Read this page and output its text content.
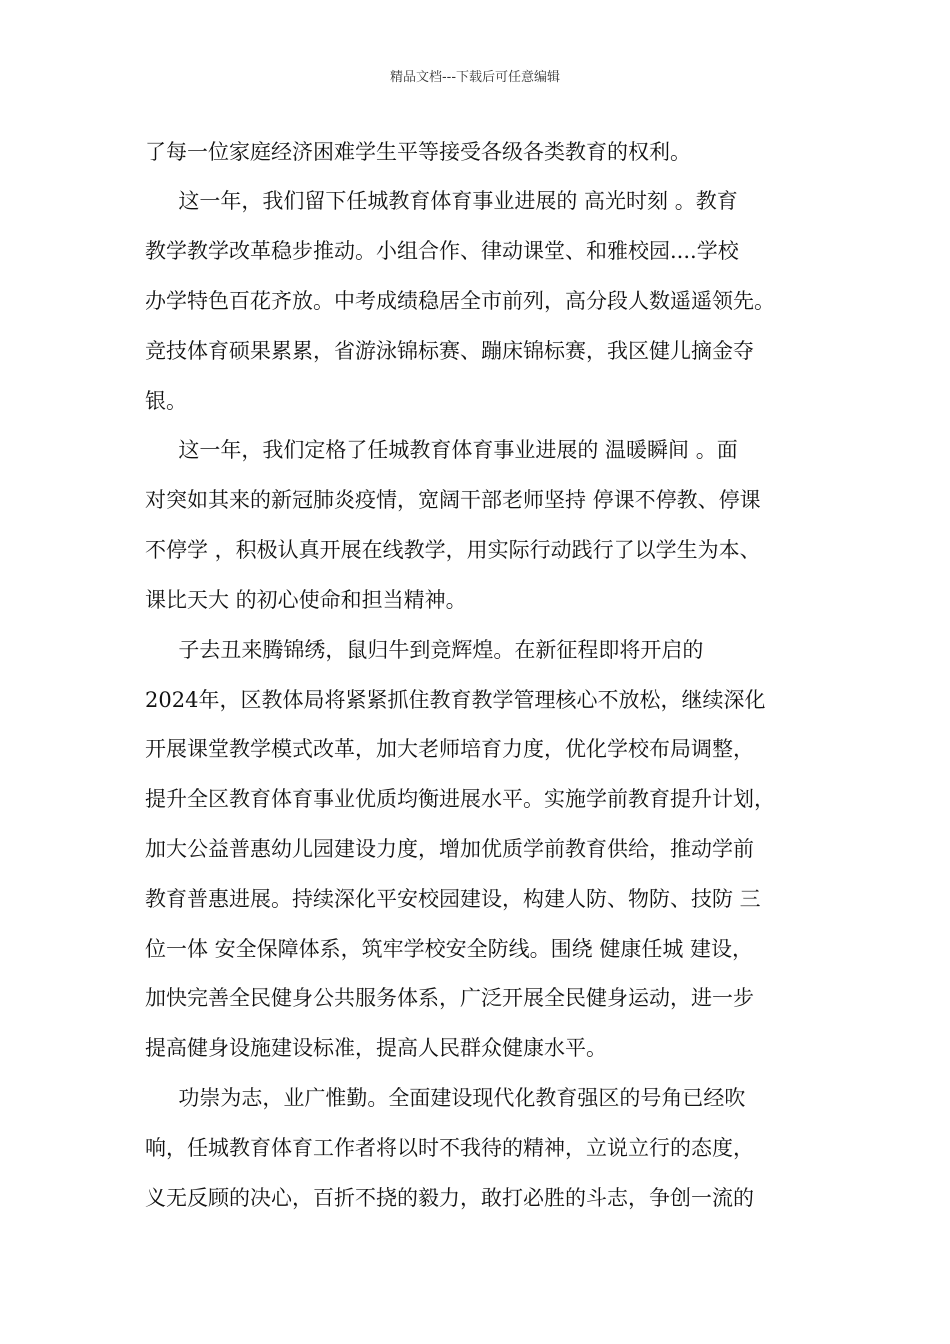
精品文档---下载后可任意编辑
了每一位家庭经济困难学生平等接受各级各类教育的权利。
这一年，我们留下任城教育体育事业进展的 高光时刻 。教育
教学教学改革稳步推动。小组合作、律动课堂、和雅校园....学校
办学特色百花齐放。中考成绩稳居全市前列，高分段人数遥遥领先。
竞技体育硕果累累，省游泳锦标赛、蹦床锦标赛，我区健儿摘金夺
银。
这一年，我们定格了任城教育体育事业进展的 温暖瞬间 。面
对突如其来的新冠肺炎疫情，宽阔干部老师坚持 停课不停教、停课
不停学 ，积极认真开展在线教学，用实际行动践行了以学生为本、
课比天大 的初心使命和担当精神。
子去丑来腾锦绣，鼠归牛到竞辉煌。在新征程即将开启的
2024年，区教体局将紧紧抓住教育教学管理核心不放松，继续深化
开展课堂教学模式改革，加大老师培育力度，优化学校布局调整，
提升全区教育体育事业优质均衡进展水平。实施学前教育提升计划，
加大公益普惠幼儿园建设力度，增加优质学前教育供给，推动学前
教育普惠进展。持续深化平安校园建设，构建人防、物防、技防 三
位一体 安全保障体系，筑牢学校安全防线。围绕 健康任城 建设，
加快完善全民健身公共服务体系，广泛开展全民健身运动，进一步
提高健身设施建设标准，提高人民群众健康水平。
功崇为志，业广惟勤。全面建设现代化教育强区的号角已经吹
响，任城教育体育工作者将以时不我待的精神，立说立行的态度，
义无反顾的决心，百折不挠的毅力，敢打必胜的斗志，争创一流的
